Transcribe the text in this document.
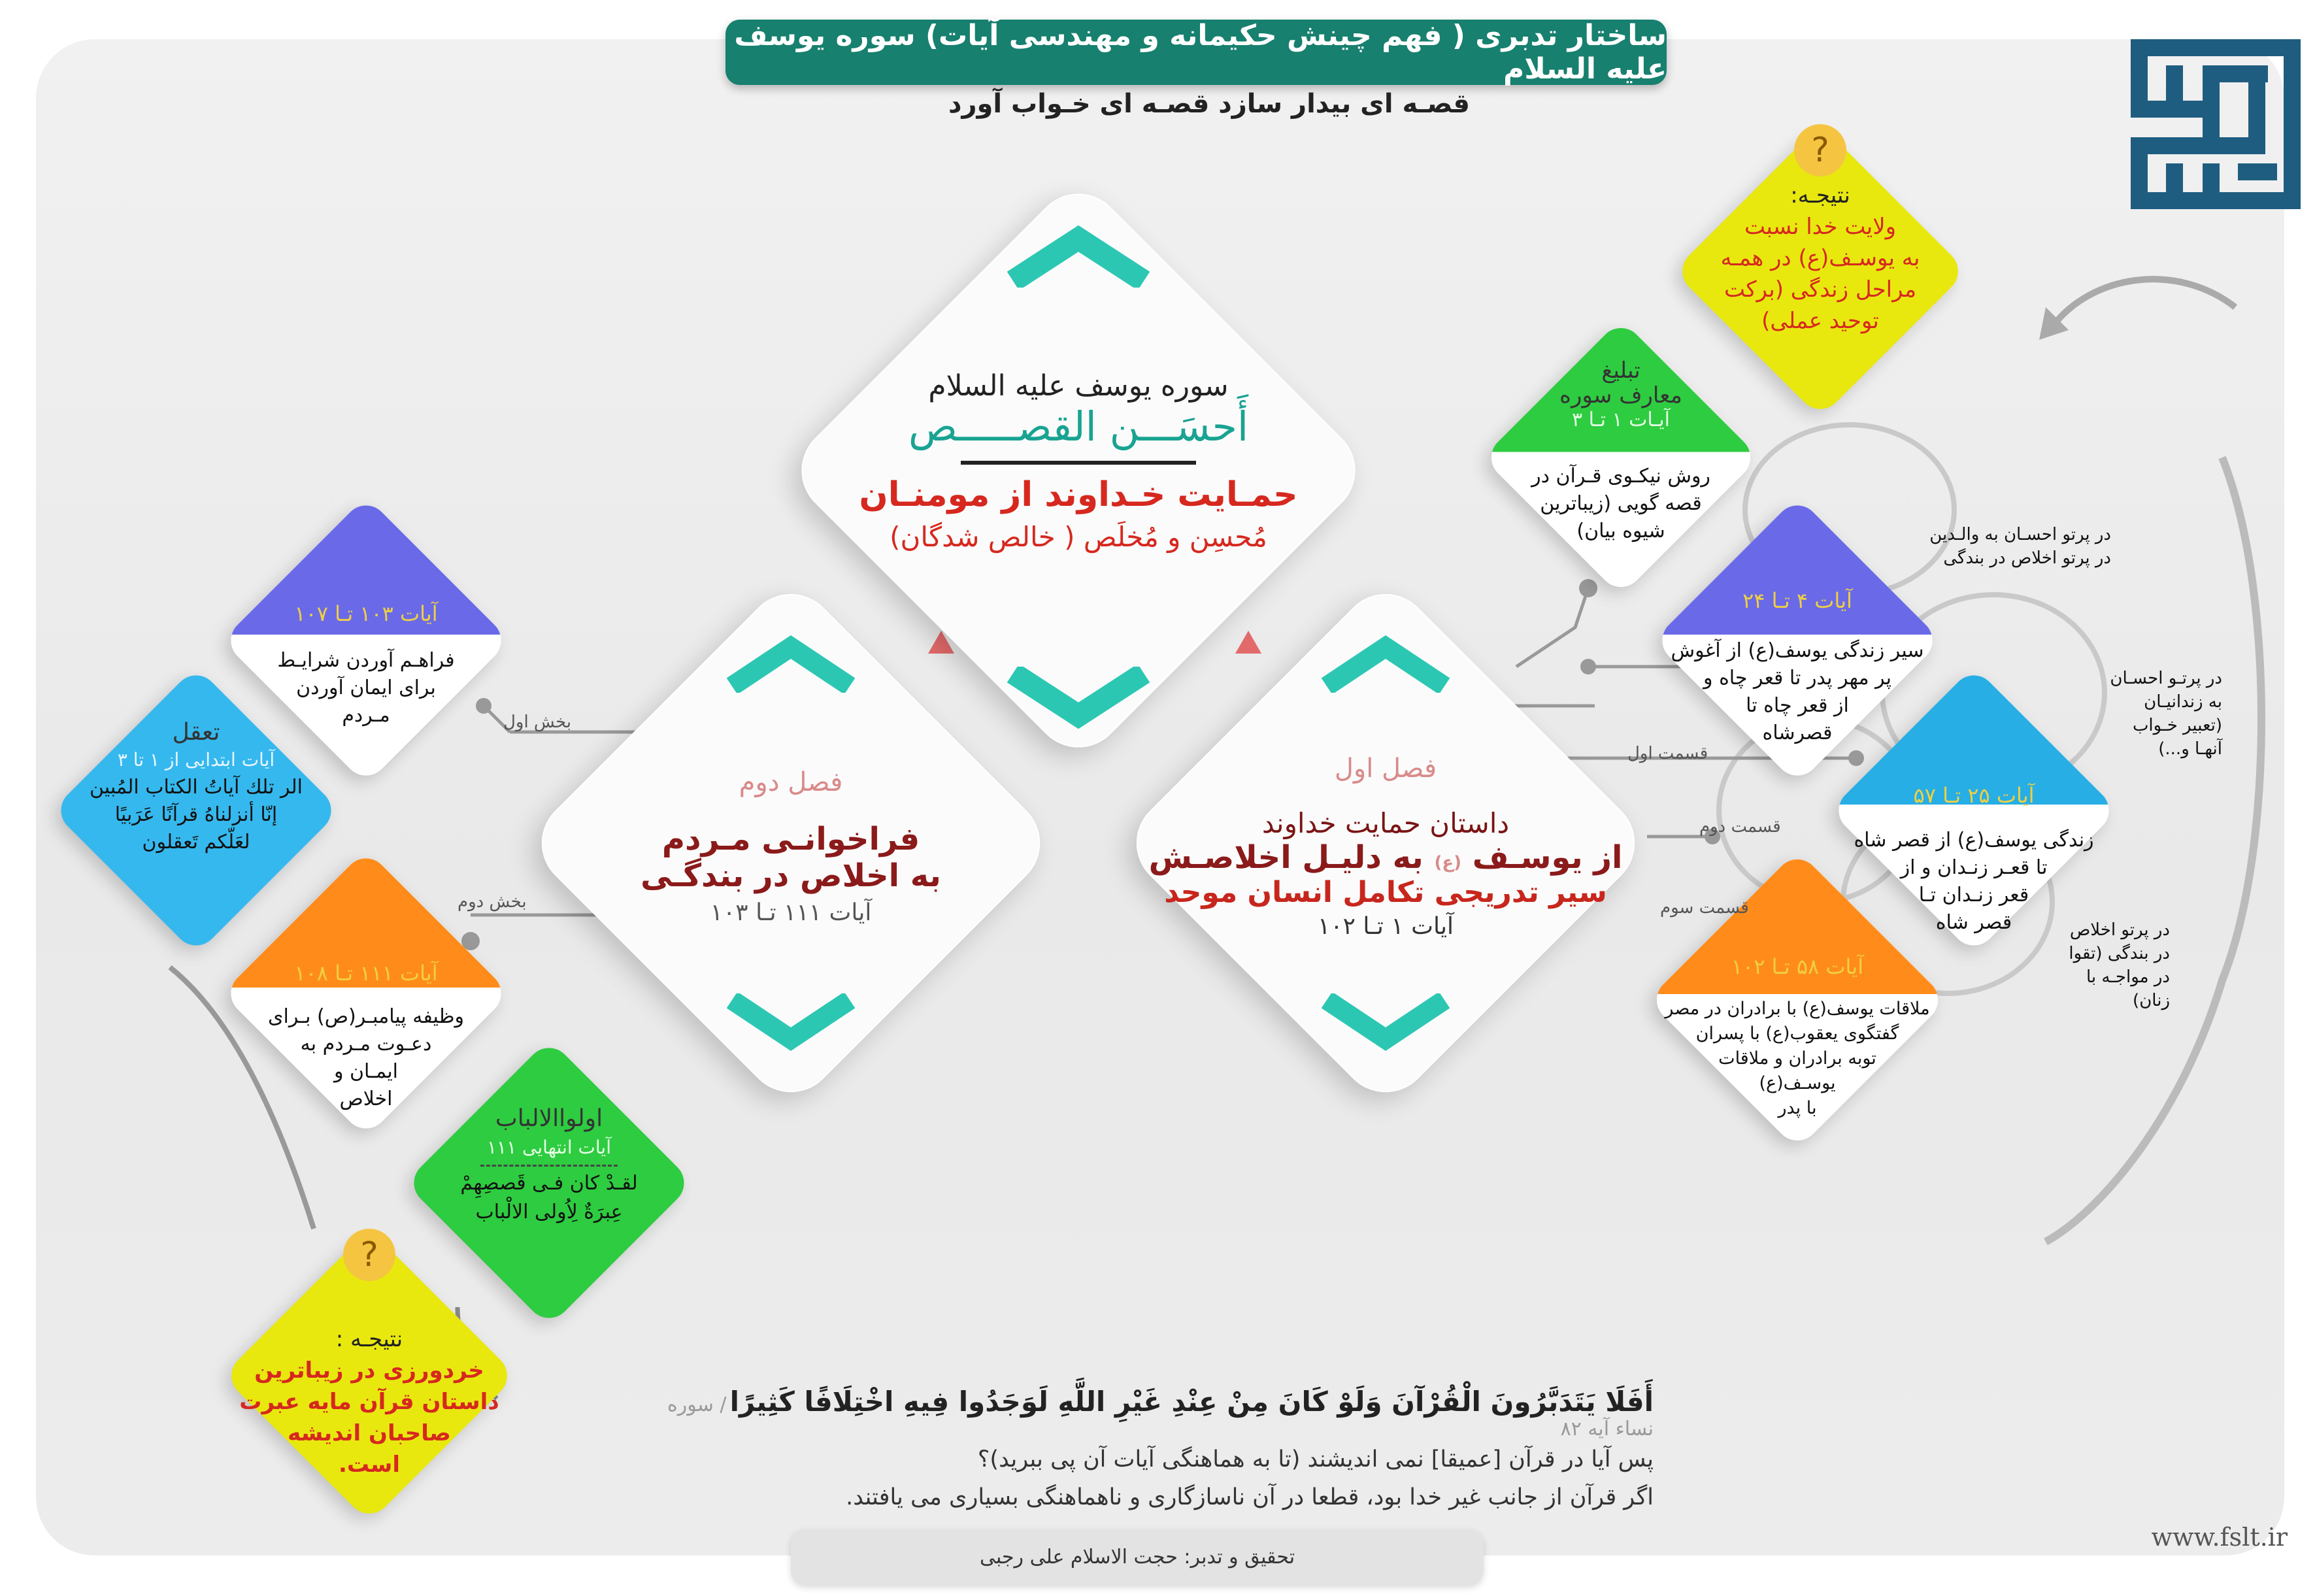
ساختار تدبری ( فهم چینش حکیمانه و مهندسی آیات) سوره یوسف علیه السلام
قصـه ای بیدار سازد قصـه ای خـواب آورد
سوره یوسف علیه السلام
أَحسَـــن القصـــــص
حمـایت خـداوند از مومنـان
مُحسِن و مُخلَص ( خالص شدگان)
فصل اول
داستان حمایت خداوند
از یوسـف (ع) به دلیـل اخلاصـش
سیر تدریجی تکامل انسان موحد
آیات ۱ تـا ۱۰۲
فصل دوم
فراخوانـی مـردم
به اخلاص در بندگـی
آیات ۱۱۱ تـا ۱۰۳
تبلیغ
معارف سوره
آیـات ۱ تـا ۳
روش نیکـوی قـرآن در
قصه گویی (زیباترین
شیوه بیان)
آیات ۴ تـا ۲۴
سیر زندگی یوسف(ع) از آغوش
پر مهر پدر تا قعر چاه و
از قعر چاه تا
قصرشاه
آیات ۲۵ تـا ۵۷
زندگی یوسف(ع) از قصر شاه
تا قعـر زنـدان و از
قعر زنـدان تـا
قصر شاه
آیات ۵۸ تـا ۱۰۲
ملاقات یوسف(ع) با برادران در مصر
گفتگوی یعقوب(ع) با پسران
توبه برادران و ملاقات
یوسـف(ع)
با پدر
?
نتیجـه:
ولایت خدا نسبت
به یوسـف(ع) در همـه
مراحل زندگی (برکت
توحید عملی)
آیات ۱۰۳ تـا ۱۰۷
فراهـم آوردن شرایـط
برای ایمان آوردن
مـردم
تعقل
آیات ابتدایی از ۱ تا ۳
الر تلك آياتُ الكتاب المُبين
إنّا أنزلناهُ قرآنًا عَرَبيًا
لعَلّكم تَعقلون
آیات ۱۱۱ تـا ۱۰۸
وظیفه پیامبـر(ص) بـرای
دعـوت مـردم به
ایمـان و
اخلاص
اولواالالباب
آیات انتهایی ۱۱۱
لقـدْ کان فـی قَصصِهِمْ
عِبرَةٌ لِاُولی الالْباب
?
نتیجـه :
خردورزی در زیباترین
داستان قرآن مایه عبرت
صاحبان اندیشه
است.
قسمت اول
قسمت دوم
قسمت سوم
بخش اول
بخش دوم
در پرتو احسـان به والـدین
در پرتو اخلاص در بندگی
در پرتـو احسـان
به زندانیـان
(تعبیر خـواب
آنهـا و...)
در پرتو اخلاص
در بندگی (تقوا
در مواجـه با زنان)
أَفَلَا يَتَدَبَّرُونَ الْقُرْآنَ وَلَوْ كَانَ مِنْ عِنْدِ غَيْرِ اللَّهِ لَوَجَدُوا فِيهِ اخْتِلَافًا كَثِيرًا / سوره نساء آیه ۸۲
پس آیا در قرآن [عمیقا] نمی اندیشند (تا به هماهنگی آیات آن پی ببرید)؟
اگر قرآن از جانب غیر خدا بود، قطعا در آن ناسازگاری و ناهماهنگی بسیاری می یافتند.
تحقیق و تدبر: حجت الاسلام علی رجبی
www.fslt.ir
